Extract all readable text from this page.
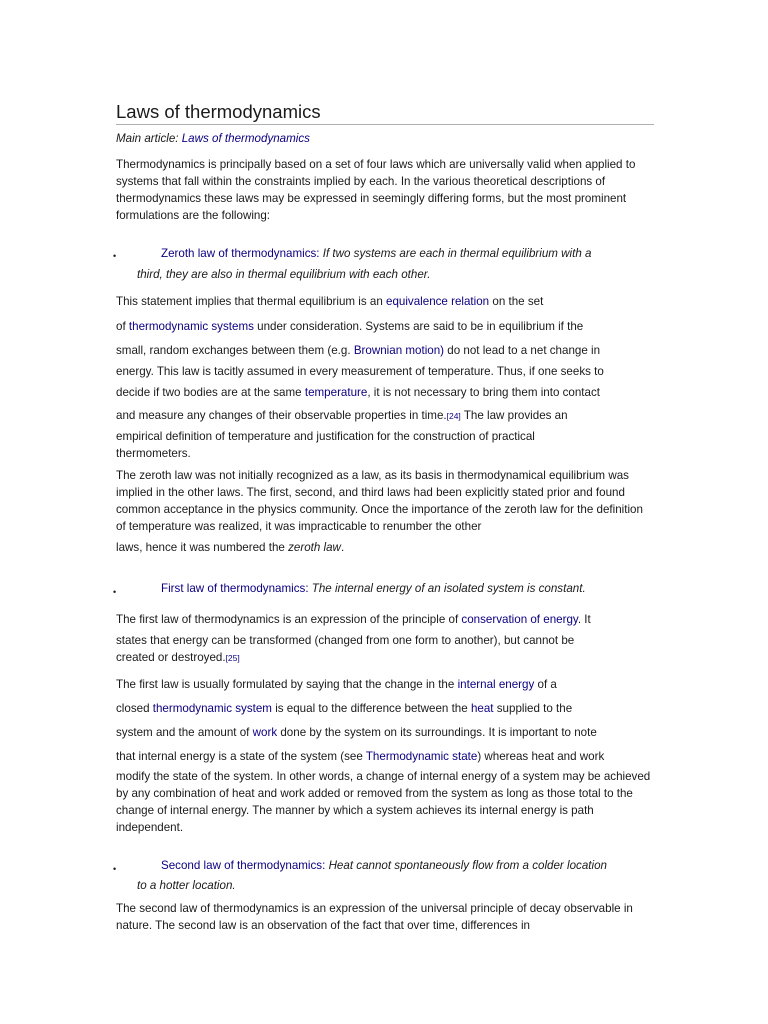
Laws of thermodynamics
Main article: Laws of thermodynamics

Thermodynamics is principally based on a set of four laws which are universally valid when applied to systems that fall within the constraints implied by each. In the various theoretical descriptions of thermodynamics these laws may be expressed in seemingly differing forms, but the most prominent formulations are the following:

•	Zeroth law of thermodynamics: If two systems are each in thermal equilibrium with a
third, they are also in thermal equilibrium with each other.
This statement implies that thermal equilibrium is an equivalence relation on the set
of thermodynamic systems under consideration. Systems are said to be in equilibrium if the
small, random exchanges between them (e.g. Brownian motion) do not lead to a net change in
energy. This law is tacitly assumed in every measurement of temperature. Thus, if one seeks to
decide if two bodies are at the same temperature, it is not necessary to bring them into contact
and measure any changes of their observable properties in time.[24] The law provides an
empirical definition of temperature and justification for the construction of practical
thermometers.

The zeroth law was not initially recognized as a law, as its basis in thermodynamical equilibrium was implied in the other laws. The first, second, and third laws had been explicitly stated prior and found common acceptance in the physics community. Once the importance of the zeroth law for the definition of temperature was realized, it was impracticable to renumber the other

laws, hence it was numbered the zeroth law.
•	First law of thermodynamics: The internal energy of an isolated system is constant.
The first law of thermodynamics is an expression of the principle of conservation of energy. It
states that energy can be transformed (changed from one form to another), but cannot be
created or destroyed.[25]
The first law is usually formulated by saying that the change in the internal energy of a
closed thermodynamic system is equal to the difference between the heat supplied to the
system and the amount of work done by the system on its surroundings. It is important to note
that internal energy is a state of the system (see Thermodynamic state) whereas heat and work

modify the state of the system. In other words, a change of internal energy of a system may be achieved by any combination of heat and work added or removed from the system as long as those total to the change of internal energy. The manner by which a system achieves its internal energy is path independent.

•	Second law of thermodynamics: Heat cannot spontaneously flow from a colder location
to a hotter location.

The second law of thermodynamics is an expression of the universal principle of decay observable in nature. The second law is an observation of the fact that over time, differences in
